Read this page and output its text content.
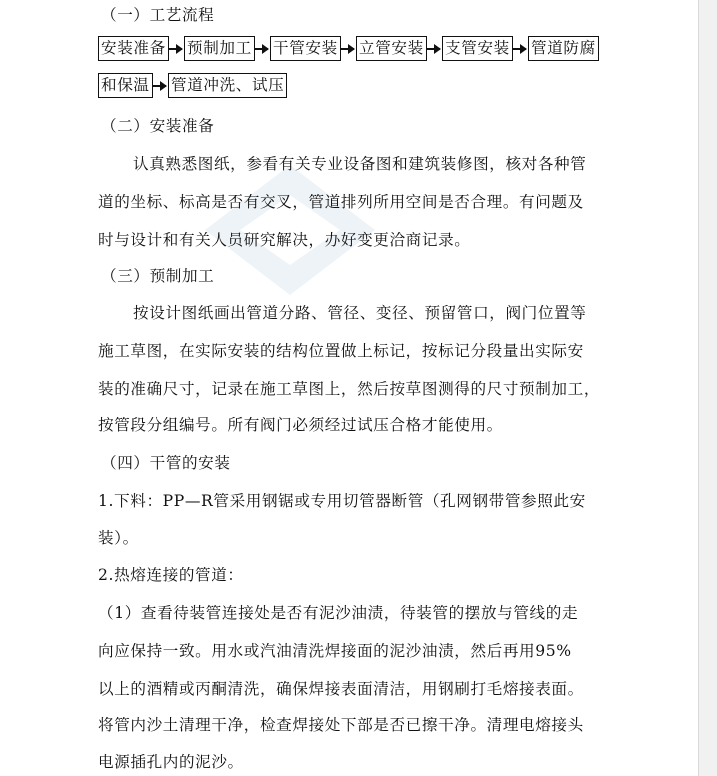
（一）工艺流程
安装准备 预制加工 干管安装 立管安装 支管安装 管道防腐
和保温 管道冲洗、试压
（二）安装准备
认真熟悉图纸，参看有关专业设备图和建筑装修图，核对各种管
道的坐标、标高是否有交叉，管道排列所用空间是否合理。有问题及
时与设计和有关人员研究解决，办好变更洽商记录。
（三）预制加工
按设计图纸画出管道分路、管径、变径、预留管口，阀门位置等
施工草图，在实际安装的结构位置做上标记，按标记分段量出实际安
装的准确尺寸，记录在施工草图上，然后按草图测得的尺寸预制加工，
按管段分组编号。所有阀门必须经过试压合格才能使用。
（四）干管的安装
1.下料：PP—R管采用钢锯或专用切管器断管（孔网钢带管参照此安
装）。
2.热熔连接的管道：
（1）查看待装管连接处是否有泥沙油渍，待装管的摆放与管线的走
向应保持一致。用水或汽油清洗焊接面的泥沙油渍，然后再用95%
以上的酒精或丙酮清洗，确保焊接表面清洁，用钢刷打毛熔接表面。
将管内沙土清理干净，检查焊接处下部是否已擦干净。清理电熔接头
电源插孔内的泥沙。
